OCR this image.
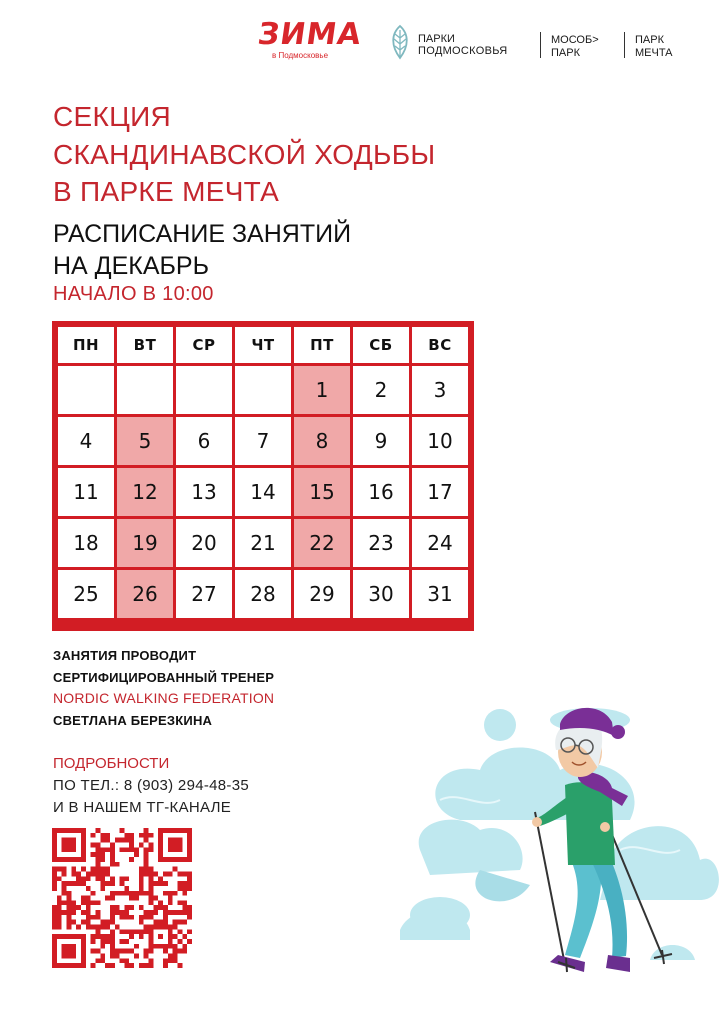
ЗИМА
в Подмосковье
ПАРКИ
ПОДМОСКОВЬЯ
МОСОБ>
ПАРК
ПАРК
МЕЧТА
СЕКЦИЯ
СКАНДИНАВСКОЙ ХОДЬБЫ
В ПАРКЕ МЕЧТА
РАСПИСАНИЕ ЗАНЯТИЙ
НА ДЕКАБРЬ
НАЧАЛО В 10:00
ПН	ВТ	СР	ЧТ	ПТ	СБ	ВС
				1	2	3
4	5	6	7	8	9	10
11	12	13	14	15	16	17
18	19	20	21	22	23	24
25	26	27	28	29	30	31
ЗАНЯТИЯ ПРОВОДИТ
СЕРТИФИЦИРОВАННЫЙ ТРЕНЕР
NORDIC WALKING FEDERATION
СВЕТЛАНА БЕРЕЗКИНА
ПОДРОБНОСТИ
ПО ТЕЛ.: 8 (903) 294-48-35
И В НАШЕМ ТГ-КАНАЛЕ
